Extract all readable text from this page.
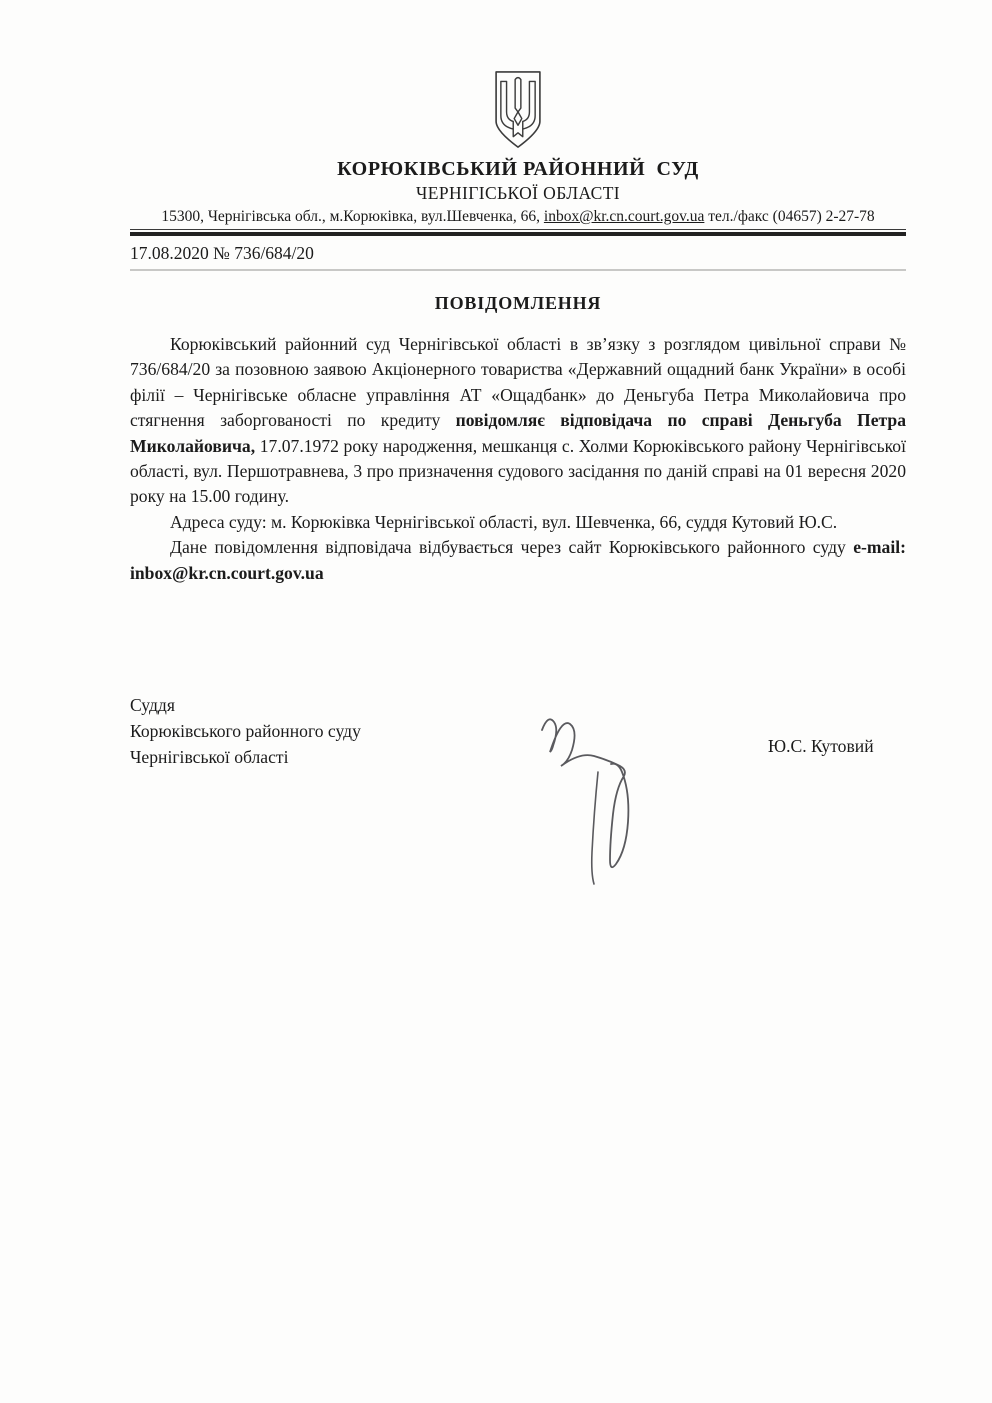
КОРЮКІВСЬКИЙ РАЙОННИЙ  СУД
ЧЕРНІГІСЬКОЇ ОБЛАСТІ
15300, Чернігівська обл., м.Корюківка, вул.Шевченка, 66, inbox@kr.cn.court.gov.ua тел./факс (04657) 2-27-78
17.08.2020 № 736/684/20
ПОВІДОМЛЕННЯ

Корюківський районний суд Чернігівської області в зв’язку з розглядом цивільної справи № 736/684/20 за позовною заявою Акціонерного товариства «Державний ощадний банк України» в особі філії – Чернігівське обласне управління АТ «Ощадбанк» до Деньгуба Петра Миколайовича про стягнення заборгованості по кредиту повідомляє відповідача по справі Деньгуба Петра Миколайовича, 17.07.1972 року народження, мешканця с. Холми Корюківського району Чернігівської області, вул. Першотравнева, 3 про призначення судового засідання по даній справі на 01 вересня 2020 року на 15.00 годину.

Адреса суду: м. Корюківка Чернігівської області, вул. Шевченка, 66, суддя Кутовий Ю.С.

Дане повідомлення відповідача відбувається через сайт Корюківського районного суду e-mail: inbox@kr.cn.court.gov.ua

Суддя
Корюківського районного суду
Чернігівської області
Ю.С. Кутовий
